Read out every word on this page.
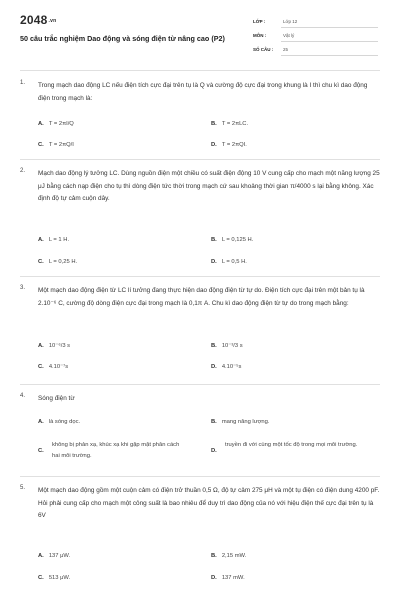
2048.vn
50 câu trắc nghiệm Dao động và sóng điện từ nâng cao (P2)
LỚP :	Lớp 12
MÔN :	Vật lý
SỐ CÂU : 25
1. Trong mạch dao động LC nếu điện tích cực đại trên tụ là Q và cường độ cực đại trong khung là I thì chu kì dao động điện trong mạch là:
A. T = 2πI/Q	B. T = 2πLC.
C. T = 2πQ/I	D. T = 2πQI.
2. Mạch dao động lý tưởng LC. Dùng nguồn điện một chiều có suất điện động 10 V cung cấp cho mạch một năng lượng 25 μJ bằng cách nạp điện cho tụ thì dòng điện tức thời trong mạch cứ sau khoảng thời gian π/4000 s lại bằng không. Xác định độ tự cảm cuộn dây.
A. L = 1 H.	B. L = 0,125 H.
C. L = 0,25 H.	D. L = 0,5 H.
3. Một mạch dao động điện từ LC lí tưởng đang thực hiện dao động điện từ tự do. Điện tích cực đại trên một bản tụ là 2.10⁻⁶ C, cường độ dòng điện cực đại trong mạch là 0,1π A. Chu kì dao động điện từ tự do trong mạch bằng:
A. 10⁻⁶/3 s	B. 10⁻³/3 s
C. 4.10⁻⁷s	D. 4.10⁻⁵s
4. Sóng điện từ
A. là sóng dọc.	B. mang năng lượng.
C.
không bị phản xạ, khúc xạ khi gặp mặt phân cách hai môi trường.
D.
truyền đi với cùng một tốc độ trong mọi môi trường.
5. Một mạch dao động gồm một cuộn cảm có điện trở thuần 0,5 Ω, độ tự cảm 275 μH và một tụ điện có điện dung 4200 pF. Hỏi phải cung cấp cho mạch một công suất là bao nhiêu để duy trì dao động của nó với hiệu điện thế cực đại trên tụ là 6V
A. 137 μW.	B. 2,15 mW.
C. 513 μW.	D. 137 mW.
